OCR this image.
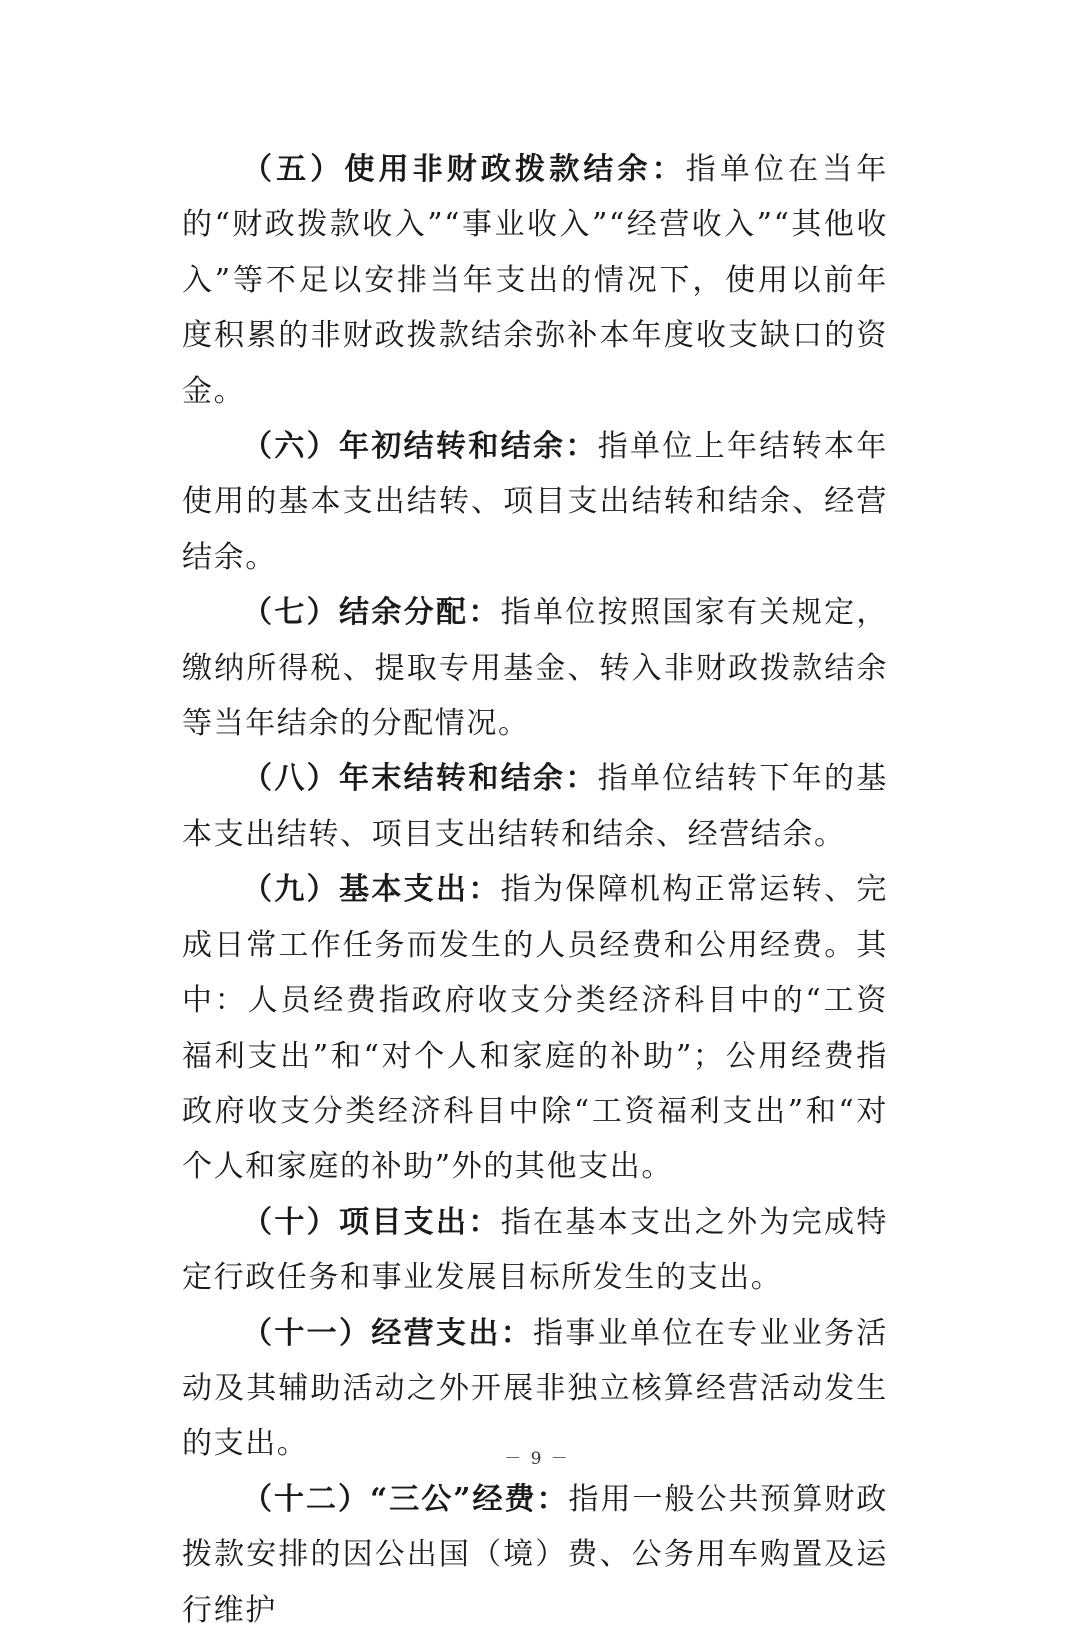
（五）使用非财政拨款结余：指单位在当年的“财政拨款收入”“事业收入”“经营收入”“其他收入”等不足以安排当年支出的情况下，使用以前年度积累的非财政拨款结余弥补本年度收支缺口的资金。

（六）年初结转和结余：指单位上年结转本年使用的基本支出结转、项目支出结转和结余、经营结余。

（七）结余分配：指单位按照国家有关规定，缴纳所得税、提取专用基金、转入非财政拨款结余等当年结余的分配情况。

（八）年末结转和结余：指单位结转下年的基本支出结转、项目支出结转和结余、经营结余。

（九）基本支出：指为保障机构正常运转、完成日常工作任务而发生的人员经费和公用经费。其中：人员经费指政府收支分类经济科目中的“工资福利支出”和“对个人和家庭的补助”；公用经费指政府收支分类经济科目中除“工资福利支出”和“对个人和家庭的补助”外的其他支出。

（十）项目支出：指在基本支出之外为完成特定行政任务和事业发展目标所发生的支出。

（十一）经营支出：指事业单位在专业业务活动及其辅助活动之外开展非独立核算经营活动发生的支出。

（十二）“三公”经费：指用一般公共预算财政拨款安排的因公出国（境）费、公务用车购置及运行维护

－ 9 －
